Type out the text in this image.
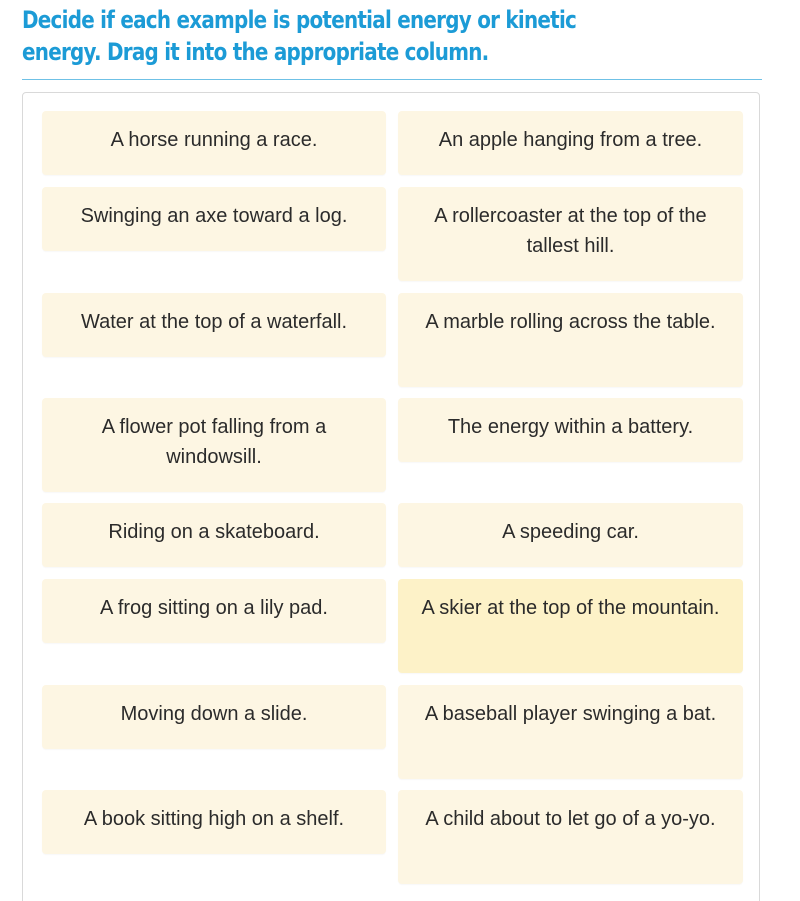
Decide if each example is potential energy or kinetic energy. Drag it into the appropriate column.
A horse running a race.	An apple hanging from a tree.
Swinging an axe toward a log.	A rollercoaster at the top of the tallest hill.
Water at the top of a waterfall.	A marble rolling across the table.
A flower pot falling from a windowsill.
The energy within a battery.
Riding on a skateboard.	A speeding car.
A frog sitting on a lily pad.	A skier at the top of the mountain.
Moving down a slide.	A baseball player swinging a bat.
A book sitting high on a shelf.	A child about to let go of a yo-yo.
